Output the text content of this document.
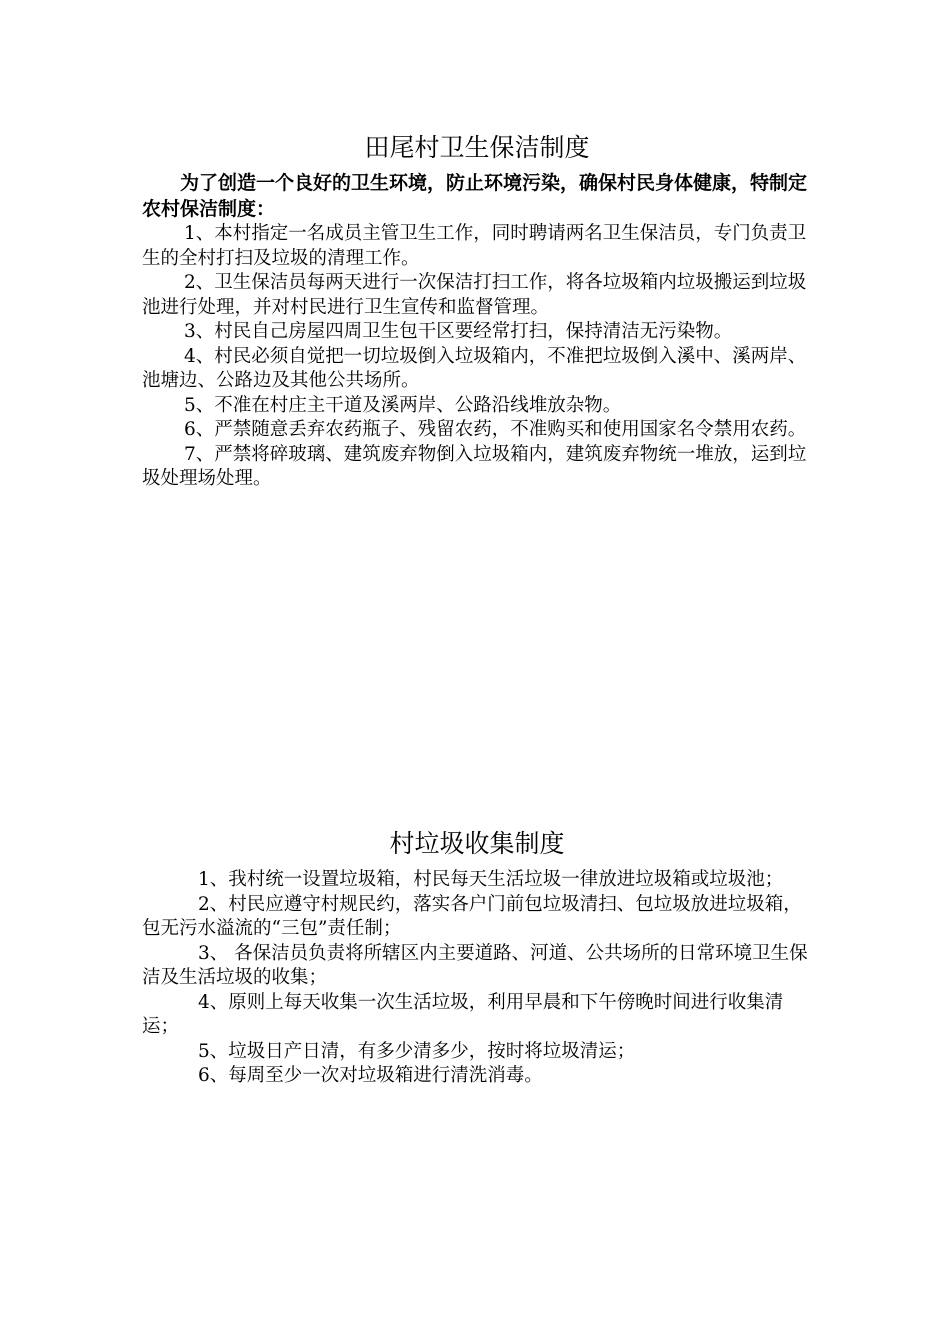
田尾村卫生保洁制度

为了创造一个良好的卫生环境，防止环境污染，确保村民身体健康，特制定农村保洁制度：

1、本村指定一名成员主管卫生工作，同时聘请两名卫生保洁员，专门负责卫生的全村打扫及垃圾的清理工作。

2、卫生保洁员每两天进行一次保洁打扫工作，将各垃圾箱内垃圾搬运到垃圾池进行处理，并对村民进行卫生宣传和监督管理。

3、村民自己房屋四周卫生包干区要经常打扫，保持清洁无污染物。

4、村民必须自觉把一切垃圾倒入垃圾箱内，不准把垃圾倒入溪中、溪两岸、池塘边、公路边及其他公共场所。

5、不准在村庄主干道及溪两岸、公路沿线堆放杂物。

6、严禁随意丢弃农药瓶子、残留农药，不准购买和使用国家名令禁用农药。

7、严禁将碎玻璃、建筑废弃物倒入垃圾箱内，建筑废弃物统一堆放，运到垃圾处理场处理。

村垃圾收集制度

1、我村统一设置垃圾箱，村民每天生活垃圾一律放进垃圾箱或垃圾池；

2、村民应遵守村规民约，落实各户门前包垃圾清扫、包垃圾放进垃圾箱，包无污水溢流的“三包”责任制；

3、 各保洁员负责将所辖区内主要道路、河道、公共场所的日常环境卫生保洁及生活垃圾的收集；

4、原则上每天收集一次生活垃圾，利用早晨和下午傍晚时间进行收集清运；

5、垃圾日产日清，有多少清多少，按时将垃圾清运；

6、每周至少一次对垃圾箱进行清洗消毒。
